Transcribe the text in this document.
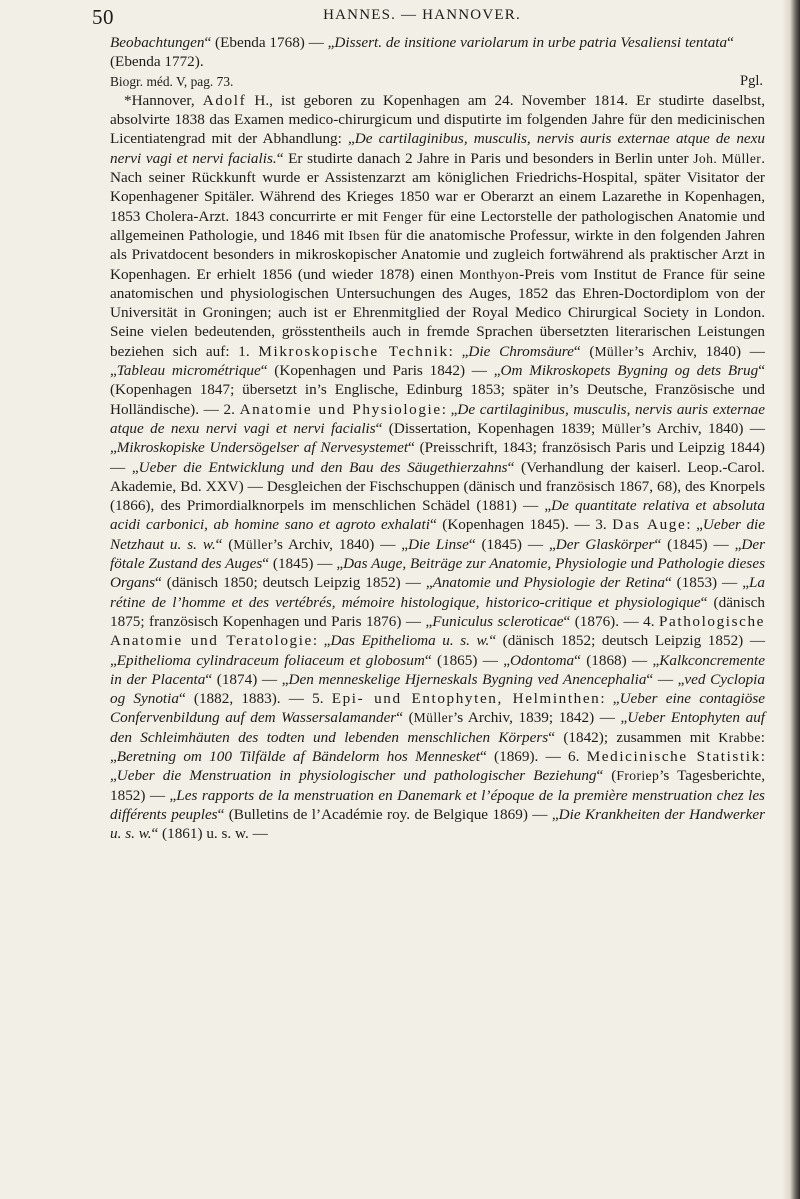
50	HANNES. — HANNOVER.

Beobachtungen“ (Ebenda 1768) — „Dissert. de insitione variolarum in urbe patria Vesaliensi tentata“ (Ebenda 1772).

Biogr. méd. V, pag. 73.	Pgl.

*Hannover, Adolf H., ist geboren zu Kopenhagen am 24. November 1814. Er studirte daselbst, absolvirte 1838 das Examen medico-chirurgicum und disputirte im folgenden Jahre für den medicinischen Licentiatengrad mit der Abhandlung: „De cartilaginibus, musculis, nervis auris externae atque de nexu nervi vagi et nervi facialis.“ Er studirte danach 2 Jahre in Paris und besonders in Berlin unter Joh. Müller. Nach seiner Rückkunft wurde er Assistenzarzt am königlichen Friedrichs-Hospital, später Visitator der Kopenhagener Spitäler. Während des Krieges 1850 war er Oberarzt an einem Lazarethe in Kopenhagen, 1853 Cholera-Arzt. 1843 concurrirte er mit Fenger für eine Lectorstelle der pathologischen Anatomie und allgemeinen Pathologie, und 1846 mit Ibsen für die anatomische Professur, wirkte in den folgenden Jahren als Privatdocent besonders in mikroskopischer Anatomie und zugleich fortwährend als praktischer Arzt in Kopenhagen. Er erhielt 1856 (und wieder 1878) einen Monthyon-Preis vom Institut de France für seine anatomischen und physiologischen Untersuchungen des Auges, 1852 das Ehren-Doctordiplom von der Universität in Groningen; auch ist er Ehrenmitglied der Royal Medico Chirurgical Society in London. Seine vielen bedeutenden, grösstentheils auch in fremde Sprachen übersetzten literarischen Leistungen beziehen sich auf: 1. Mikroskopische Technik: „Die Chromsäure“ (Müller’s Archiv, 1840) — „Tableau micrométrique“ (Kopenhagen und Paris 1842) — „Om Mikroskopets Bygning og dets Brug“ (Kopenhagen 1847; übersetzt in’s Englische, Edinburg 1853; später in’s Deutsche, Französische und Holländische). — 2. Anatomie und Physiologie: „De cartilaginibus, musculis, nervis auris externae atque de nexu nervi vagi et nervi facialis“ (Dissertation, Kopenhagen 1839; Müller’s Archiv, 1840) — „Mikroskopiske Undersögelser af Nervesystemet“ (Preisschrift, 1843; französisch Paris und Leipzig 1844) — „Ueber die Entwicklung und den Bau des Säugethierzahns“ (Verhandlung der kaiserl. Leop.-Carol. Akademie, Bd. XXV) — Desgleichen der Fischschuppen (dänisch und französisch 1867, 68), des Knorpels (1866), des Primordialknorpels im menschlichen Schädel (1881) — „De quantitate relativa et absoluta acidi carbonici, ab homine sano et agroto exhalati“ (Kopenhagen 1845). — 3. Das Auge: „Ueber die Netzhaut u. s. w.“ (Müller’s Archiv, 1840) — „Die Linse“ (1845) — „Der Glaskörper“ (1845) — „Der fötale Zustand des Auges“ (1845) — „Das Auge, Beiträge zur Anatomie, Physiologie und Pathologie dieses Organs“ (dänisch 1850; deutsch Leipzig 1852) — „Anatomie und Physiologie der Retina“ (1853) — „La rétine de l’homme et des vertébrés, mémoire histologique, historico-critique et physiologique“ (dänisch 1875; französisch Kopenhagen und Paris 1876) — „Funiculus scleroticae“ (1876). — 4. Pathologische Anatomie und Teratologie: „Das Epithelioma u. s. w.“ (dänisch 1852; deutsch Leipzig 1852) — „Epithelioma cylindraceum foliaceum et globosum“ (1865) — „Odontoma“ (1868) — „Kalkconcremente in der Placenta“ (1874) — „Den menneskelige Hjerneskals Bygning ved Anencephalia“ — „ved Cyclopia og Synotia“ (1882, 1883). — 5. Epi- und Entophyten, Helminthen: „Ueber eine contagiöse Confervenbildung auf dem Wassersalamander“ (Müller’s Archiv, 1839; 1842) — „Ueber Entophyten auf den Schleimhäuten des todten und lebenden menschlichen Körpers“ (1842); zusammen mit Krabbe: „Beretning om 100 Tilfälde af Bändelorm hos Mennesket“ (1869). — 6. Medicinische Statistik: „Ueber die Menstruation in physiologischer und pathologischer Beziehung“ (Froriep’s Tagesberichte, 1852) — „Les rapports de la menstruation en Danemark et l’époque de la première menstruation chez les différents peuples“ (Bulletins de l’Académie roy. de Belgique 1869) — „Die Krankheiten der Handwerker u. s. w.“ (1861) u. s. w. —
